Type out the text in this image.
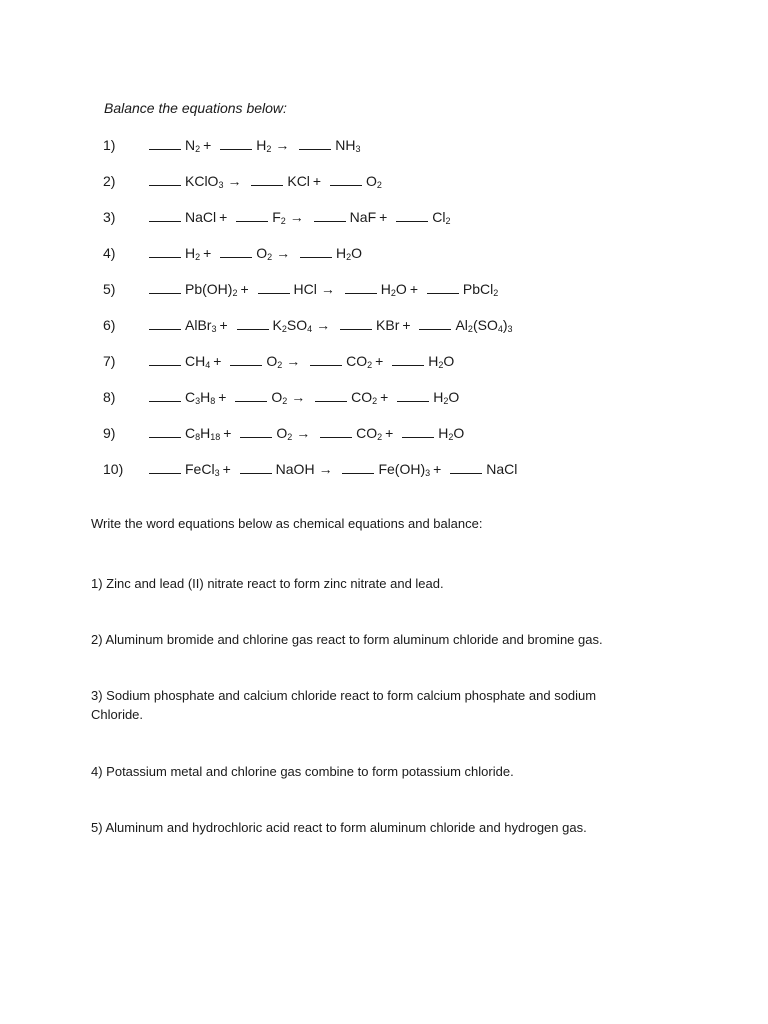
Balance the equations below:
1)	$N_2$ +	$H_2$ →	$NH_3$
2)	KClO$_3$ →	KCl +	$O_2$
3)	NaCl +	$F_2$ →	NaF +	$Cl_2$
4)	$H_2$ +	$O_2$ →	$H_2O$
5)	$Pb(OH)_2$ +	HCl →	$H_2O$ +	PbCl$_2$
6)	AlBr$_3$ +	$K_2SO_4$ →	KBr +	$Al_2(SO_4)_3$
7)	$CH_4$ +	$O_2$ →	$CO_2$ +	$H_2O$
8)	$C_3H_8$ +	$O_2$ →	$CO_2$ +	$H_2O$
9)	$C_8H_{18}$ +	$O_2$ →	$CO_2$ +	$H_2O$
10)	FeCl$_3$ +	NaOH →	$Fe(OH)_3$ +	NaCl
Write the word equations below as chemical equations and balance:
1) Zinc and lead (II) nitrate react to form zinc nitrate and lead.
2) Aluminum bromide and chlorine gas react to form aluminum chloride and bromine gas.
3) Sodium phosphate and calcium chloride react to form calcium phosphate and sodium Chloride.
4) Potassium metal and chlorine gas combine to form potassium chloride.
5) Aluminum and hydrochloric acid react to form aluminum chloride and hydrogen gas.
